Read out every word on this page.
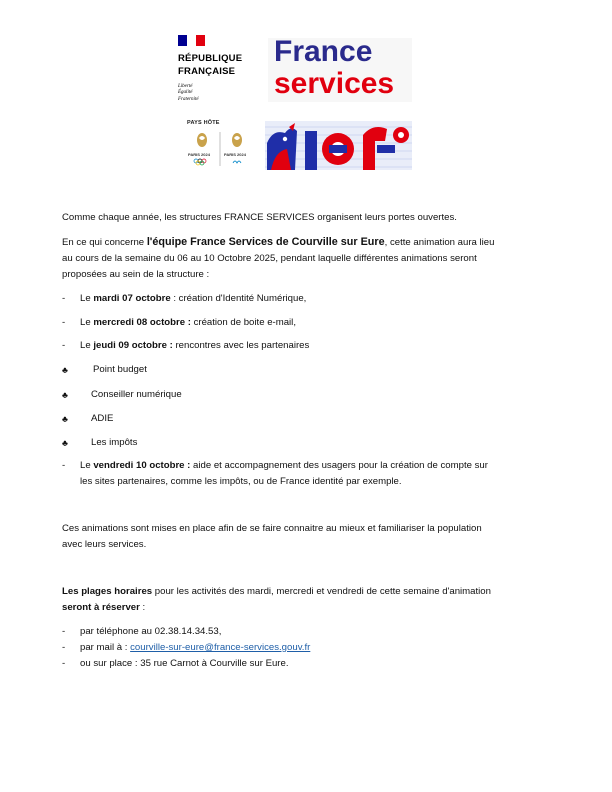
RÉPUBLIQUE
FRANÇAISE
Liberté
Égalité
Fraternité
France
services
PAYS HÔTE
PARIS 2024	PARIS 2024
Comme chaque année, les structures FRANCE SERVICES organisent leurs portes ouvertes.
En ce qui concerne l'équipe France Services de Courville sur Eure, cette animation aura lieu
au cours de la semaine du 06 au 10 Octobre 2025, pendant laquelle différentes animations seront
proposées au sein de la structure :
- Le mardi 07 octobre : création d'Identité Numérique,
- Le mercredi 08 octobre : création de boite e-mail,
- Le jeudi 09 octobre : rencontres avec les partenaires
♣	Point budget
♣ Conseiller numérique
♣ ADIE
♣ Les impôts
- Le vendredi 10 octobre : aide et accompagnement des usagers pour la création de compte sur
les sites partenaires, comme les impôts, ou de France identité par exemple.
Ces animations sont mises en place afin de se faire connaitre au mieux et familiariser la population
avec leurs services.
Les plages horaires pour les activités des mardi, mercredi et vendredi de cette semaine d'animation
seront à réserver :
- par téléphone au 02.38.14.34.53,
- par mail à : courville-sur-eure@france-services.gouv.fr
- ou sur place : 35 rue Carnot à Courville sur Eure.
